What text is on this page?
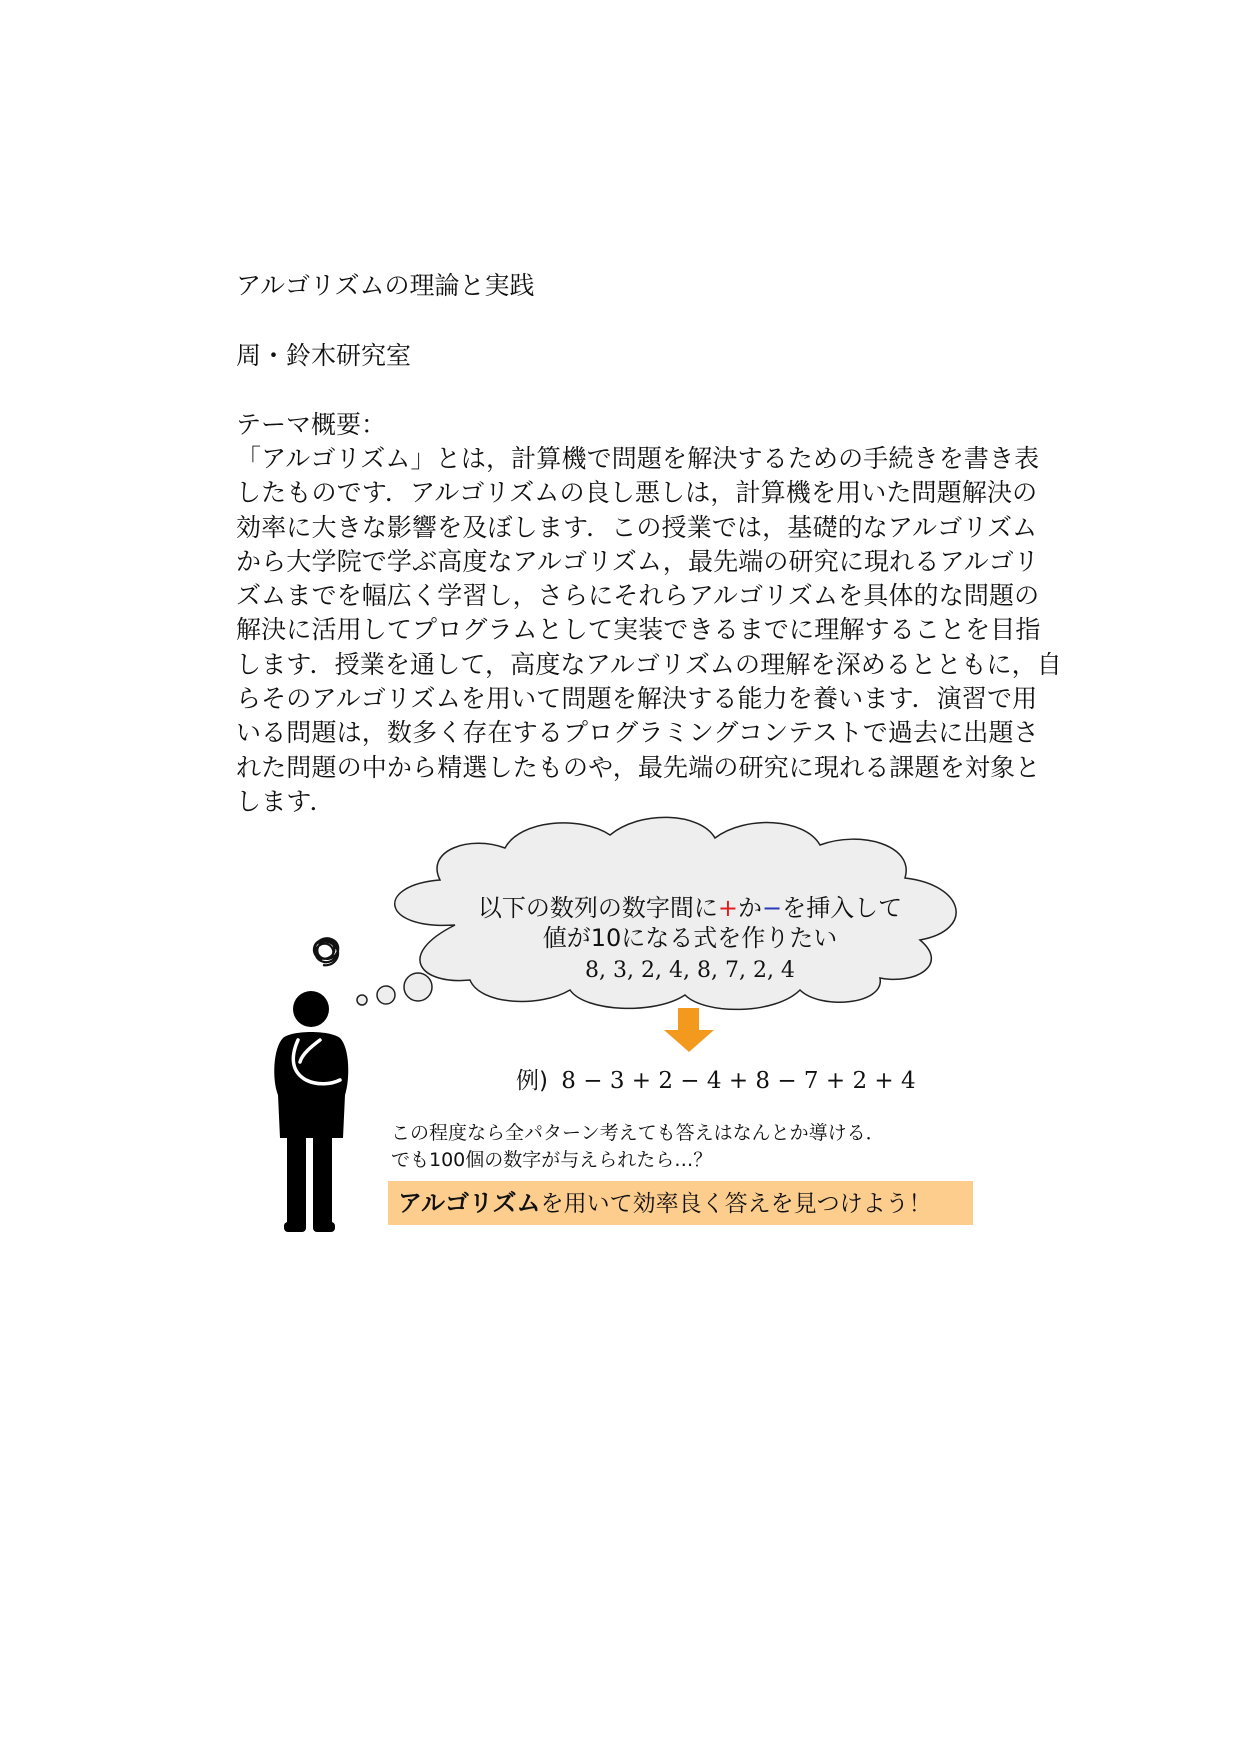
アルゴリズムの理論と実践
周・鈴木研究室
テーマ概要：
「アルゴリズム」とは，計算機で問題を解決するための手続きを書き表
したものです．アルゴリズムの良し悪しは，計算機を用いた問題解決の
効率に大きな影響を及ぼします．この授業では，基礎的なアルゴリズム
から大学院で学ぶ高度なアルゴリズム，最先端の研究に現れるアルゴリ
ズムまでを幅広く学習し，さらにそれらアルゴリズムを具体的な問題の
解決に活用してプログラムとして実装できるまでに理解することを目指
します．授業を通して，高度なアルゴリズムの理解を深めるとともに，自
らそのアルゴリズムを用いて問題を解決する能力を養います．演習で用
いる問題は，数多く存在するプログラミングコンテストで過去に出題さ
れた問題の中から精選したものや，最先端の研究に現れる課題を対象と
します．
以下の数列の数字間に+か−を挿入して
値が10になる式を作りたい
8, 3, 2, 4, 8, 7, 2, 4
例) 8 − 3 + 2 − 4 + 8 − 7 + 2 + 4
この程度なら全パターン考えても答えはなんとか導ける．
でも100個の数字が与えられたら…？
アルゴリズムを用いて効率良く答えを見つけよう！
